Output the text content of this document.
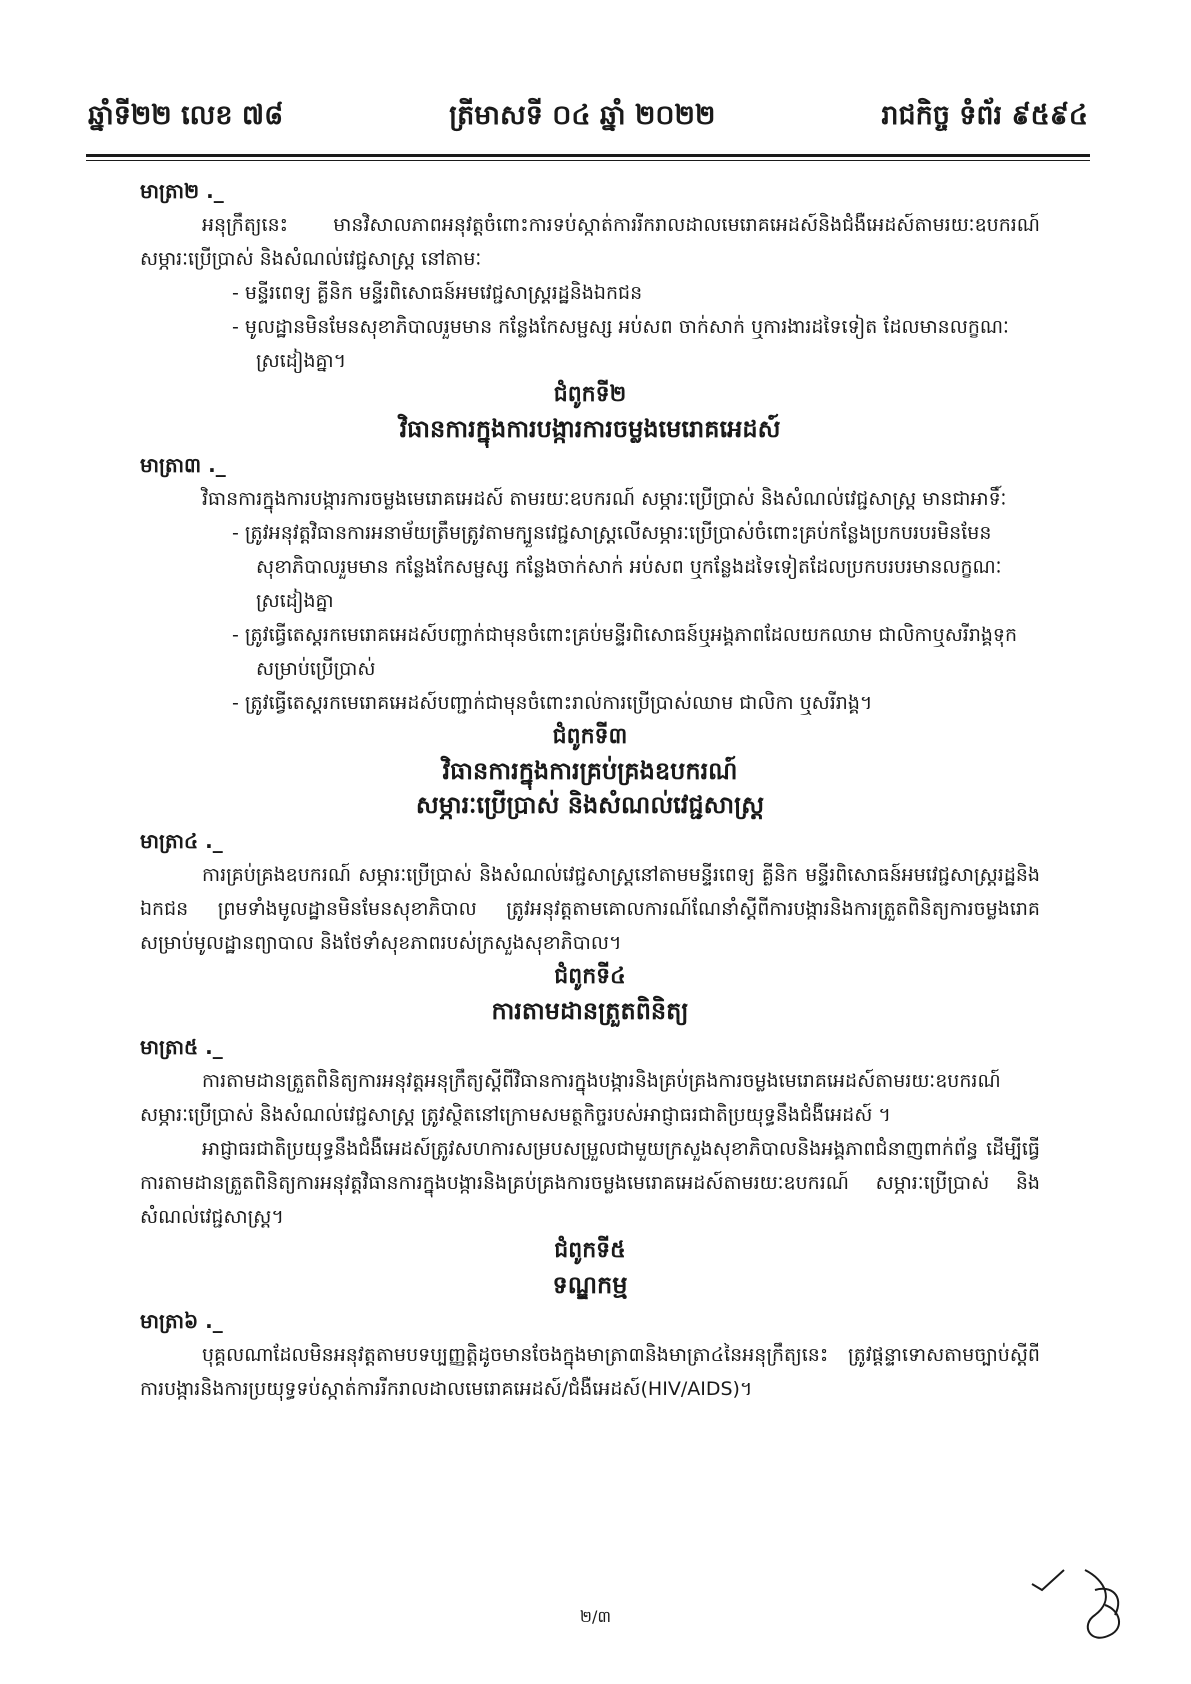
ឆ្នាំទី២២ លេខ ៧៨	ត្រីមាសទី ០៤ ឆ្នាំ ២០២២	រាជកិច្ច ទំព័រ ៩៥៩៤

មាត្រា២ ._

អនុក្រឹត្យនេះ មានវិសាលភាពអនុវត្តចំពោះការទប់ស្កាត់ការរីករាលដាលមេរោគអេដស៍និងជំងឺអេដស៍តាមរយៈឧបករណ៍ សម្ភារៈប្រើប្រាស់ និងសំណល់វេជ្ជសាស្ត្រ នៅតាមៈ

- មន្ទីរពេទ្យ គ្លីនិក មន្ទីរពិសោធន៍អមវេជ្ជសាស្ត្ររដ្ឋនិងឯកជន

- មូលដ្ឋានមិនមែនសុខាភិបាលរួមមាន កន្លែងកែសម្ផស្ស អប់សព ចាក់សាក់ ឬការងារដទៃទៀត ដែលមានលក្ខណៈស្រដៀងគ្នា។

ជំពូកទី២

វិធានការក្នុងការបង្ការការចម្លងមេរោគអេដស៍

មាត្រា៣ ._

វិធានការក្នុងការបង្ការការចម្លងមេរោគអេដស៍ តាមរយៈឧបករណ៍ សម្ភារៈប្រើប្រាស់ និងសំណល់វេជ្ជសាស្ត្រ មានជាអាទិ៍ៈ

- ត្រូវអនុវត្តវិធានការអនាម័យត្រឹមត្រូវតាមក្បួនវេជ្ជសាស្ត្រលើសម្ភារៈប្រើប្រាស់ចំពោះគ្រប់កន្លែងប្រកបរបរមិនមែនសុខាភិបាលរួមមាន កន្លែងកែសម្ផស្ស កន្លែងចាក់សាក់ អប់សព ឬកន្លែងដទៃទៀតដែលប្រកបរបរមានលក្ខណៈស្រដៀងគ្នា

- ត្រូវធ្វើតេស្តរកមេរោគអេដស៍បញ្ជាក់ជាមុនចំពោះគ្រប់មន្ទីរពិសោធន៍ឬអង្គភាពដែលយកឈាម ជាលិកាឬសរីរាង្គទុកសម្រាប់ប្រើប្រាស់

- ត្រូវធ្វើតេស្តរកមេរោគអេដស៍បញ្ជាក់ជាមុនចំពោះរាល់ការប្រើប្រាស់ឈាម ជាលិកា ឬសរីរាង្គ។

ជំពូកទី៣

វិធានការក្នុងការគ្រប់គ្រងឧបករណ៍

សម្ភារៈប្រើប្រាស់ និងសំណល់វេជ្ជសាស្ត្រ

មាត្រា៤ ._

ការគ្រប់គ្រងឧបករណ៍ សម្ភារៈប្រើប្រាស់ និងសំណល់វេជ្ជសាស្ត្រនៅតាមមន្ទីរពេទ្យ គ្លីនិក មន្ទីរពិសោធន៍អមវេជ្ជសាស្ត្ររដ្ឋនិងឯកជន ព្រមទាំងមូលដ្ឋានមិនមែនសុខាភិបាល ត្រូវអនុវត្តតាមគោលការណ៍ណែនាំស្តីពីការបង្ការនិងការត្រួតពិនិត្យការចម្លងរោគសម្រាប់មូលដ្ឋានព្យាបាល និងថែទាំសុខភាពរបស់ក្រសួងសុខាភិបាល។

ជំពូកទី៤

ការតាមដានត្រួតពិនិត្យ

មាត្រា៥ ._

ការតាមដានត្រួតពិនិត្យការអនុវត្តអនុក្រឹត្យស្តីពីវិធានការក្នុងបង្ការនិងគ្រប់គ្រងការចម្លងមេរោគអេដស៍តាមរយៈឧបករណ៍ សម្ភារៈប្រើប្រាស់ និងសំណល់វេជ្ជសាស្ត្រ ត្រូវស្ថិតនៅក្រោមសមត្ថកិច្ចរបស់អាជ្ញាធរជាតិប្រយុទ្ធនឹងជំងឺអេដស៍ ។

អាជ្ញាធរជាតិប្រយុទ្ធនឹងជំងឺអេដស៍ត្រូវសហការសម្របសម្រួលជាមួយក្រសួងសុខាភិបាលនិងអង្គភាពជំនាញពាក់ព័ន្ធ ដើម្បីធ្វើការតាមដានត្រួតពិនិត្យការអនុវត្តវិធានការក្នុងបង្ការនិងគ្រប់គ្រងការចម្លងមេរោគអេដស៍តាមរយៈឧបករណ៍ សម្ភារៈប្រើប្រាស់ និងសំណល់វេជ្ជសាស្ត្រ។

ជំពូកទី៥

ទណ្ឌកម្ម

មាត្រា៦ ._

បុគ្គលណាដែលមិនអនុវត្តតាមបទប្បញ្ញត្តិដូចមានចែងក្នុងមាត្រា៣និងមាត្រា៤នៃអនុក្រឹត្យនេះ ត្រូវផ្តន្ទាទោសតាមច្បាប់ស្តីពីការបង្ការនិងការប្រយុទ្ធទប់ស្កាត់ការរីករាលដាលមេរោគអេដស៍/ជំងឺអេដស៍(HIV/AIDS)។

២/៣
